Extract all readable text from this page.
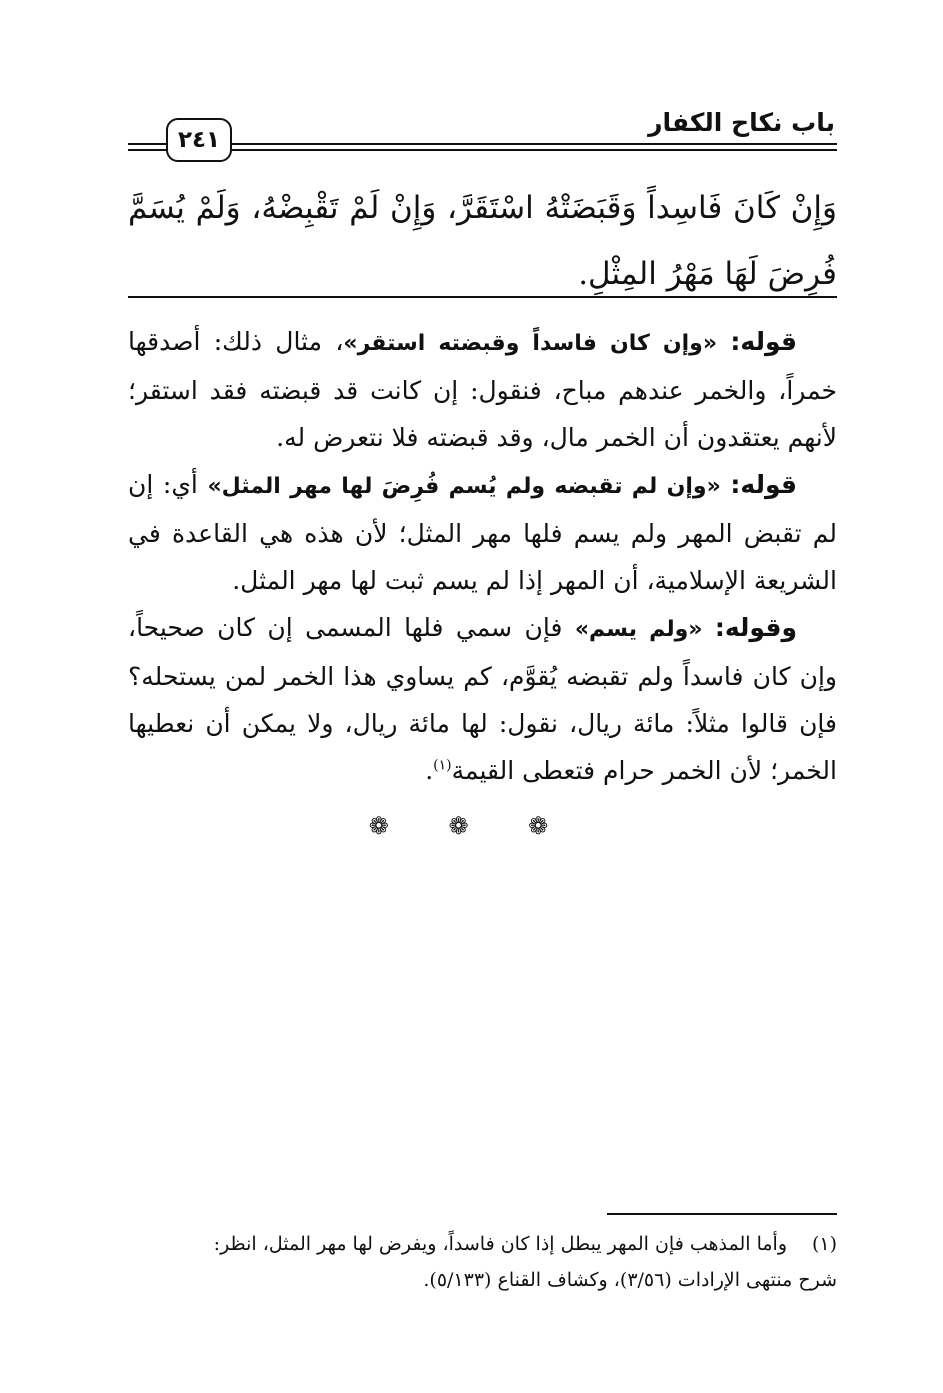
باب نكاح الكفار
٢٤١
وَإِنْ كَانَ فَاسِداً وَقَبَضَتْهُ اسْتَقَرَّ، وَإِنْ لَمْ تَقْبِضْهُ، وَلَمْ يُسَمَّ فُرِضَ لَهَا مَهْرُ المِثْلِ.

قوله: «وإن كان فاسداً وقبضته استقر»، مثال ذلك: أصدقها خمراً، والخمر عندهم مباح، فنقول: إن كانت قد قبضته فقد استقر؛ لأنهم يعتقدون أن الخمر مال، وقد قبضته فلا نتعرض له.

قوله: «وإن لم تقبضه ولم يُسم فُرِضَ لها مهر المثل» أي: إن لم تقبض المهر ولم يسم فلها مهر المثل؛ لأن هذه هي القاعدة في الشريعة الإسلامية، أن المهر إذا لم يسم ثبت لها مهر المثل.

وقوله: «ولم يسم» فإن سمي فلها المسمى إن كان صحيحاً، وإن كان فاسداً ولم تقبضه يُقوَّم، كم يساوي هذا الخمر لمن يستحله؟ فإن قالوا مثلاً: مائة ريال، نقول: لها مائة ريال، ولا يمكن أن نعطيها الخمر؛ لأن الخمر حرام فتعطى القيمة$^{(١)}$.

❁ ❁ ❁
(١)
وأما المذهب فإن المهر يبطل إذا كان فاسداً، ويفرض لها مهر المثل، انظر:
شرح منتهى الإرادات (٣/٥٦)، وكشاف القناع (٥/١٣٣).
